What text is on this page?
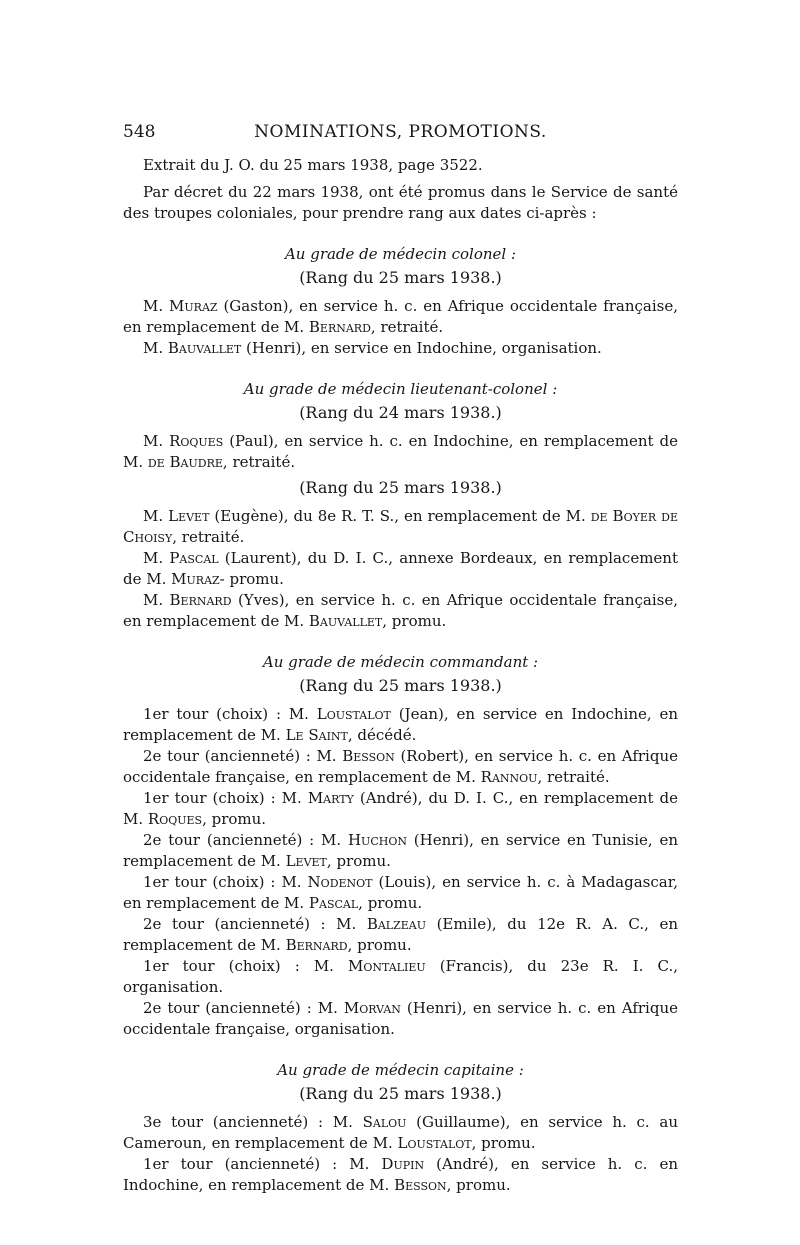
548	NOMINATIONS, PROMOTIONS.

Extrait du J. O. du 25 mars 1938, page 3522.

Par décret du 22 mars 1938, ont été promus dans le Service de santé des troupes coloniales, pour prendre rang aux dates ci-après :

Au grade de médecin colonel :

(Rang du 25 mars 1938.)

M. Muraz (Gaston), en service h. c. en Afrique occidentale française, en remplacement de M. Bernard, retraité.

M. Bauvallet (Henri), en service en Indochine, organisation.

Au grade de médecin lieutenant-colonel :

(Rang du 24 mars 1938.)

M. Roques (Paul), en service h. c. en Indochine, en remplacement de M. de Baudre, retraité.

(Rang du 25 mars 1938.)

M. Levet (Eugène), du 8e R. T. S., en remplacement de M. de Boyer de Choisy, retraité.

M. Pascal (Laurent), du D. I. C., annexe Bordeaux, en remplacement de M. Muraz- promu.

M. Bernard (Yves), en service h. c. en Afrique occidentale française, en remplacement de M. Bauvallet, promu.

Au grade de médecin commandant :

(Rang du 25 mars 1938.)

1er tour (choix) : M. Loustalot (Jean), en service en Indochine, en remplacement de M. Le Saint, décédé.

2e tour (ancienneté) : M. Besson (Robert), en service h. c. en Afrique occidentale française, en remplacement de M. Rannou, retraité.

1er tour (choix) : M. Marty (André), du D. I. C., en remplacement de M. Roques, promu.

2e tour (ancienneté) : M. Huchon (Henri), en service en Tunisie, en remplacement de M. Levet, promu.

1er tour (choix) : M. Nodenot (Louis), en service h. c. à Madagascar, en remplacement de M. Pascal, promu.

2e tour (ancienneté) : M. Balzeau (Emile), du 12e R. A. C., en remplacement de M. Bernard, promu.

1er tour (choix) : M. Montalieu (Francis), du 23e R. I. C., organisation.

2e tour (ancienneté) : M. Morvan (Henri), en service h. c. en Afrique occidentale française, organisation.

Au grade de médecin capitaine :

(Rang du 25 mars 1938.)

3e tour (ancienneté) : M. Salou (Guillaume), en service h. c. au Cameroun, en remplacement de M. Loustalot, promu.

1er tour (ancienneté) : M. Dupin (André), en service h. c. en Indochine, en remplacement de M. Besson, promu.
